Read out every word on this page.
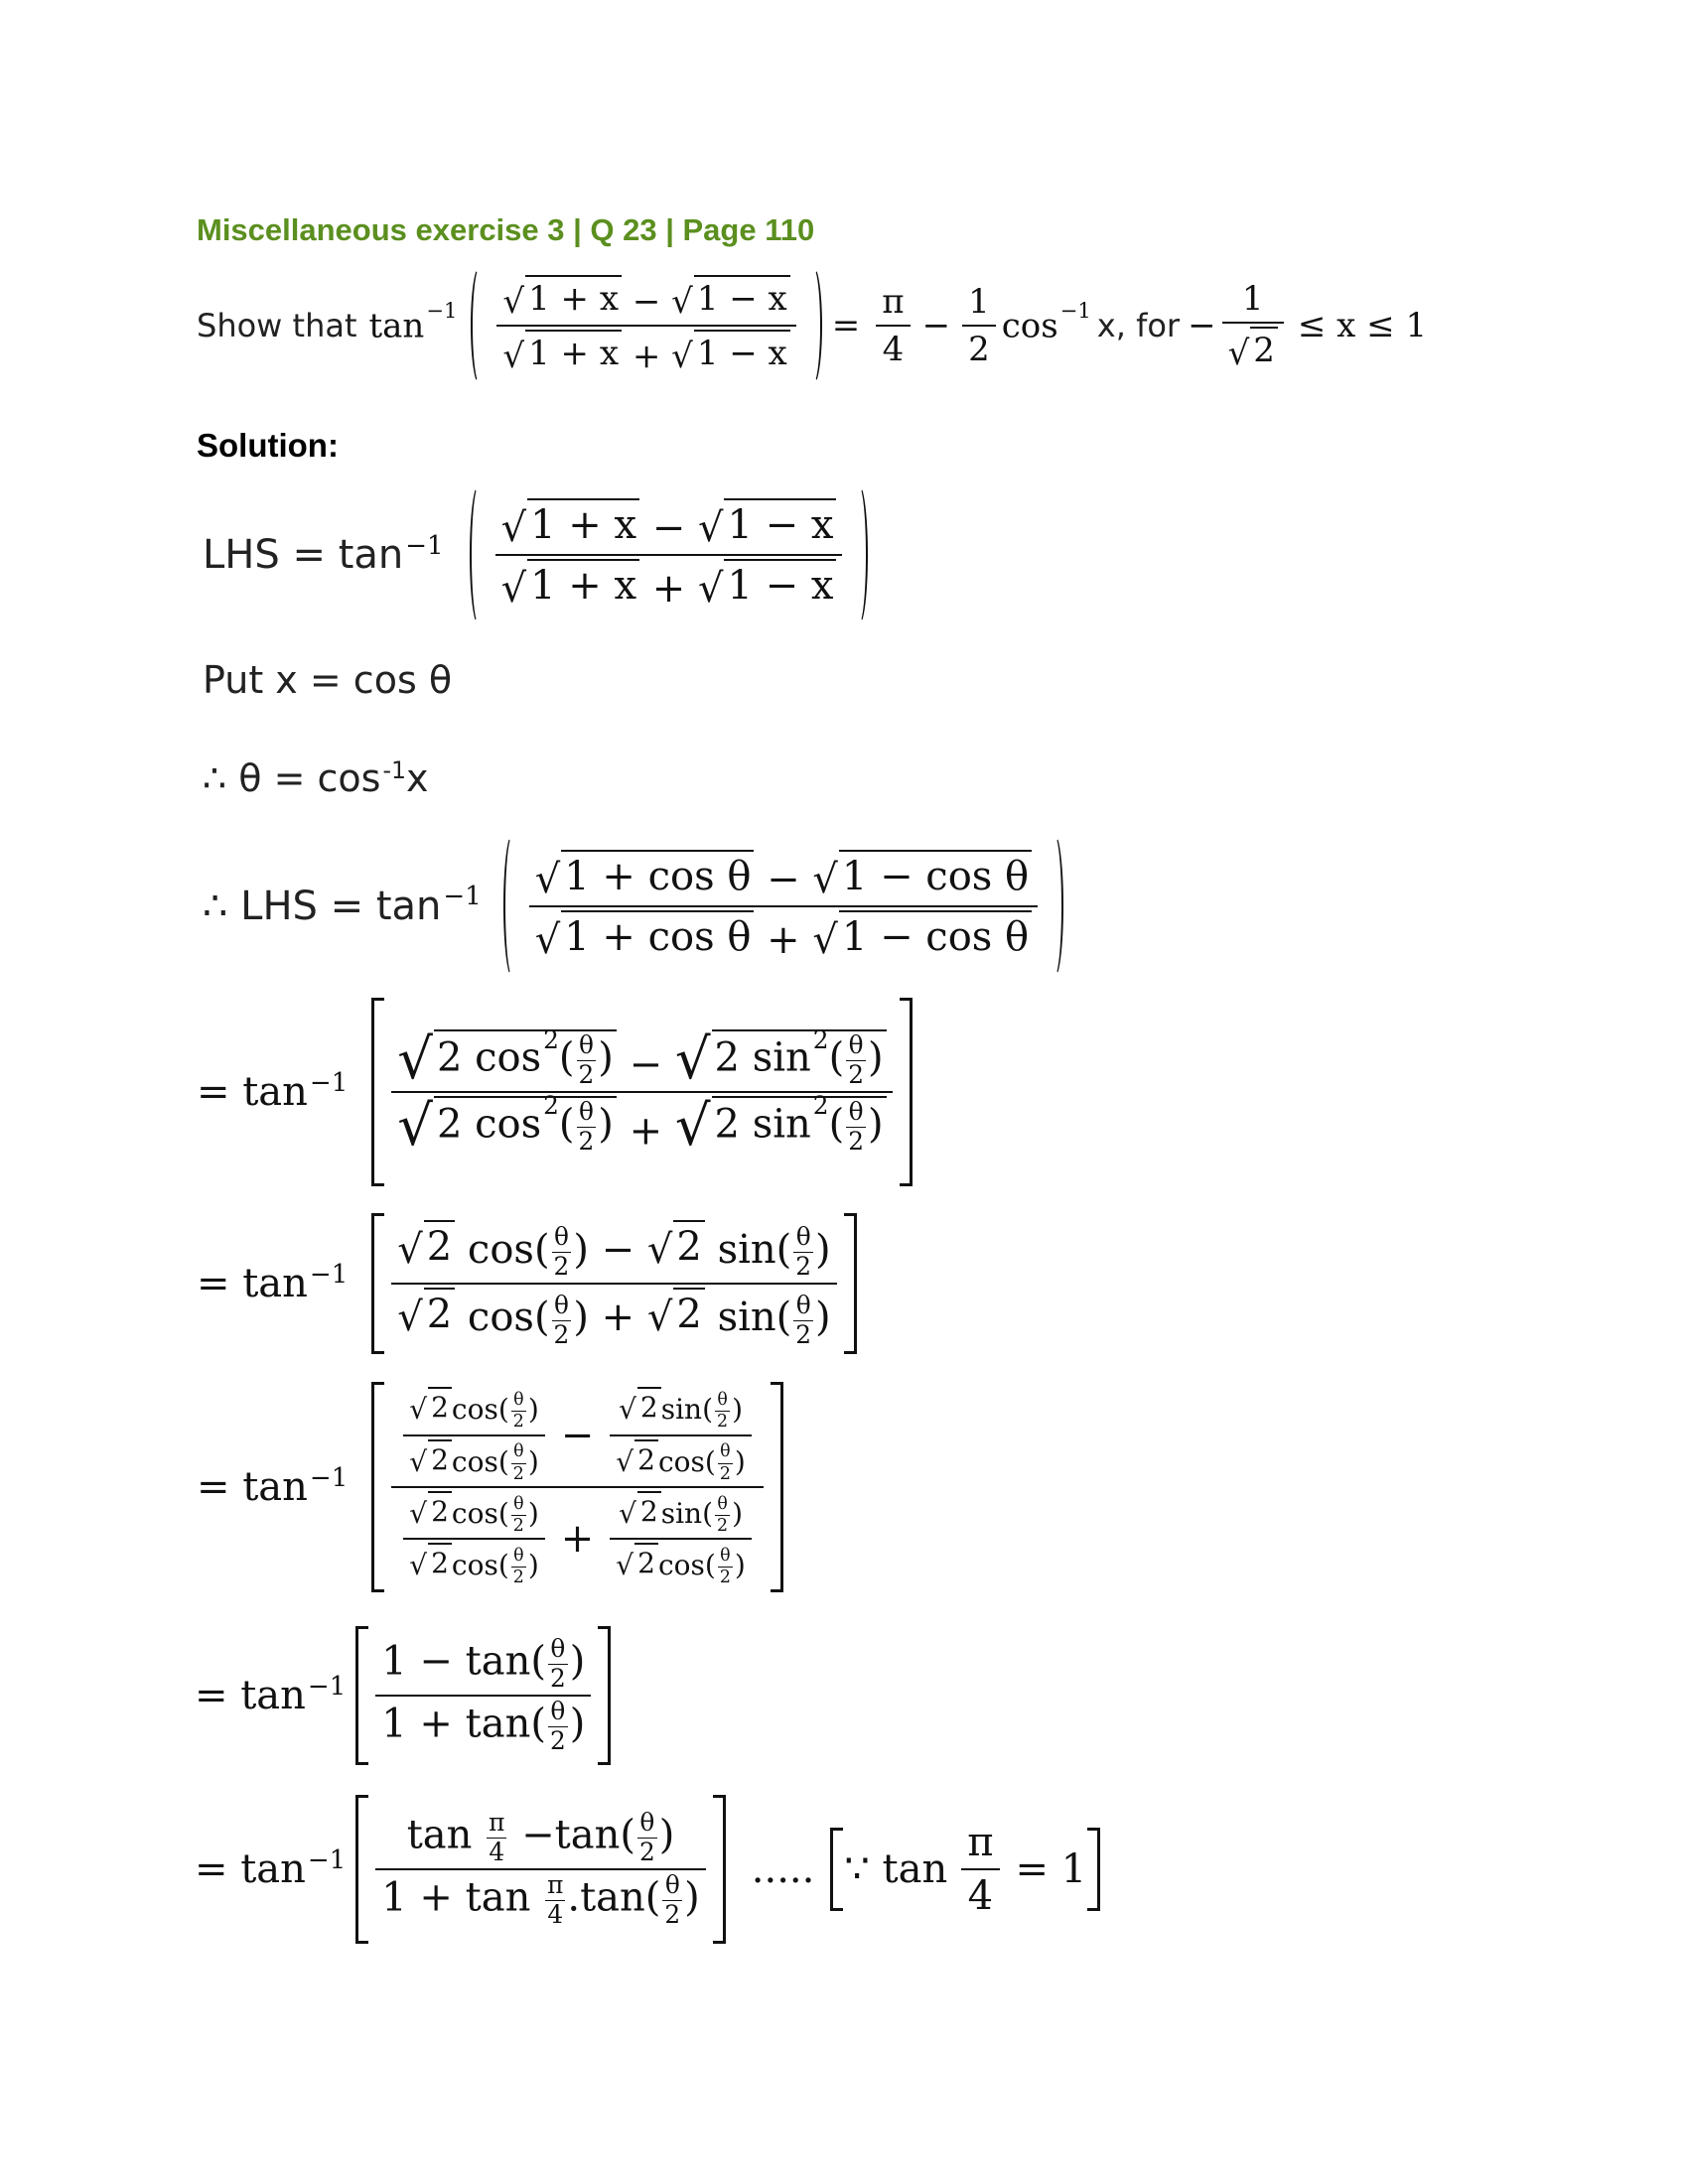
Miscellaneous exercise 3 | Q 23 | Page 110
Show that $\tan^{-1} \frac{√ 1 + x - √ 1 - x}{√ 1 + x + √ 1 - x} = \frac{\pi}{4} - \frac{1}{2} \cos^{-1} x$, for − $\frac{1}{√ 2} \le x \le 1$
Solution:
LHS = $\tan -1 \frac{√ 1 + x - √ 1 - x}{√ 1 + x + √ 1 - x}$
Put x = cos θ
∴ θ = cos -1 x
∴ LHS = $\tan -1 \frac{\text{√ 1 + cos θ − √ 1 − cos θ}}{\text{√ 1 + cos θ + √ 1 − cos θ}}$
= $\tan -1 \frac{√ 2 \cos^2( \frac{\theta}{2} ) - √ 2 \sin^2( \frac{\theta}{2} )}{√ 2 \cos^2( \frac{\theta}{2} ) + √ 2 \sin^2( \frac{\theta}{2} )}$
= tan −1
√ 2 $\cos( \frac{\theta}{2}$ ) − √ 2 $\sin( \frac{\theta}{2}$ )
√ 2 $\cos( \frac{\theta}{2}$ ) + √ 2 $\sin( \frac{\theta}{2}$ )
= $\tan -1 \frac{√ 2 \cos( \frac{\theta}{2} )}{√ 2 \cos( \frac{\theta}{2} )} - \frac{√ 2 \sin( \frac{\theta}{2} )}{√ 2 \cos( \frac{\theta}{2} )}$
$\frac{√ 2 \cos( \frac{\theta}{2} )}{√ 2 \cos( \frac{\theta}{2} )} + \frac{√ 2 \sin( \frac{\theta}{2} )}{√ 2 \cos( \frac{\theta}{2} )}$
= $\tan -1 \frac{1 - \tan( \frac{\theta}{2} )}{1 + \tan( \frac{\theta}{2} )}$
= $\tan -1 \frac{\tan \frac{\pi}{4} -\tan( \frac{\theta}{2} )}{1 + \tan \frac{\pi}{4} .\tan( \frac{\theta}{2} )}$ ..... ∵ $\tan \frac{\pi}{4} = 1$
